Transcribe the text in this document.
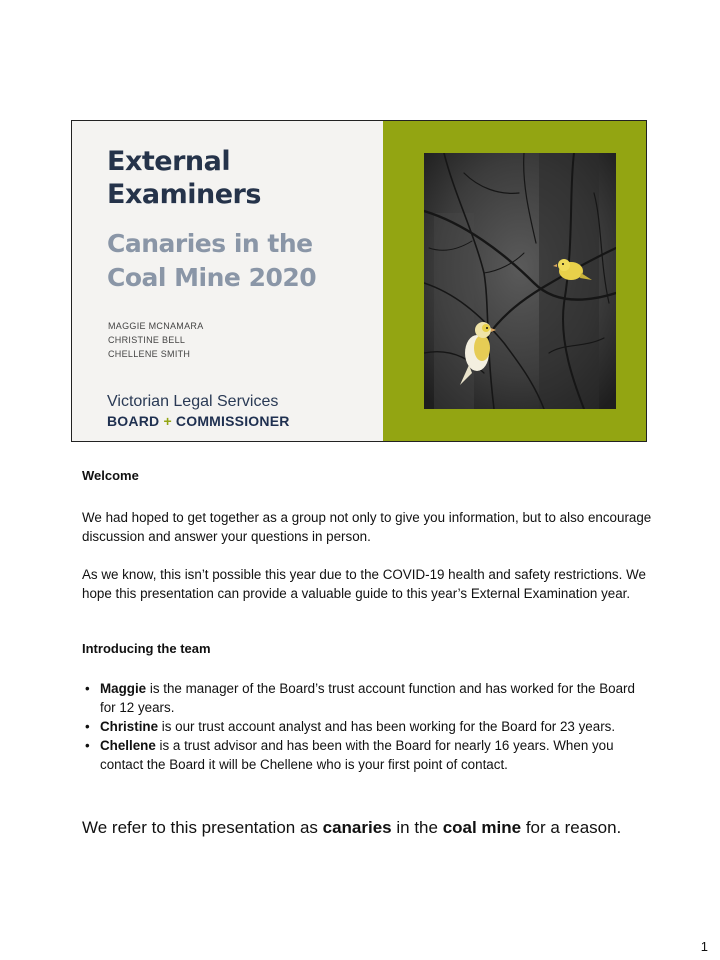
External
Examiners
Canaries in the
Coal Mine 2020
MAGGIE MCNAMARA
CHRISTINE BELL
CHELLENE SMITH
Victorian Legal Services
BOARD + COMMISSIONER

Welcome

We had hoped to get together as a group not only to give you information, but to also encourage discussion and answer your questions in person.

As we know, this isn’t possible this year due to the COVID-19 health and safety restrictions. We hope this presentation can provide a valuable guide to this year’s External Examination year.

Introducing the team

• Maggie is the manager of the Board’s trust account function and has worked for the Board for 12 years.
• Christine is our trust account analyst and has been working for the Board for 23 years.
• Chellene is a trust advisor and has been with the Board for nearly 16 years. When you contact the Board it will be Chellene who is your first point of contact.

We refer to this presentation as canaries in the coal mine for a reason.

1
